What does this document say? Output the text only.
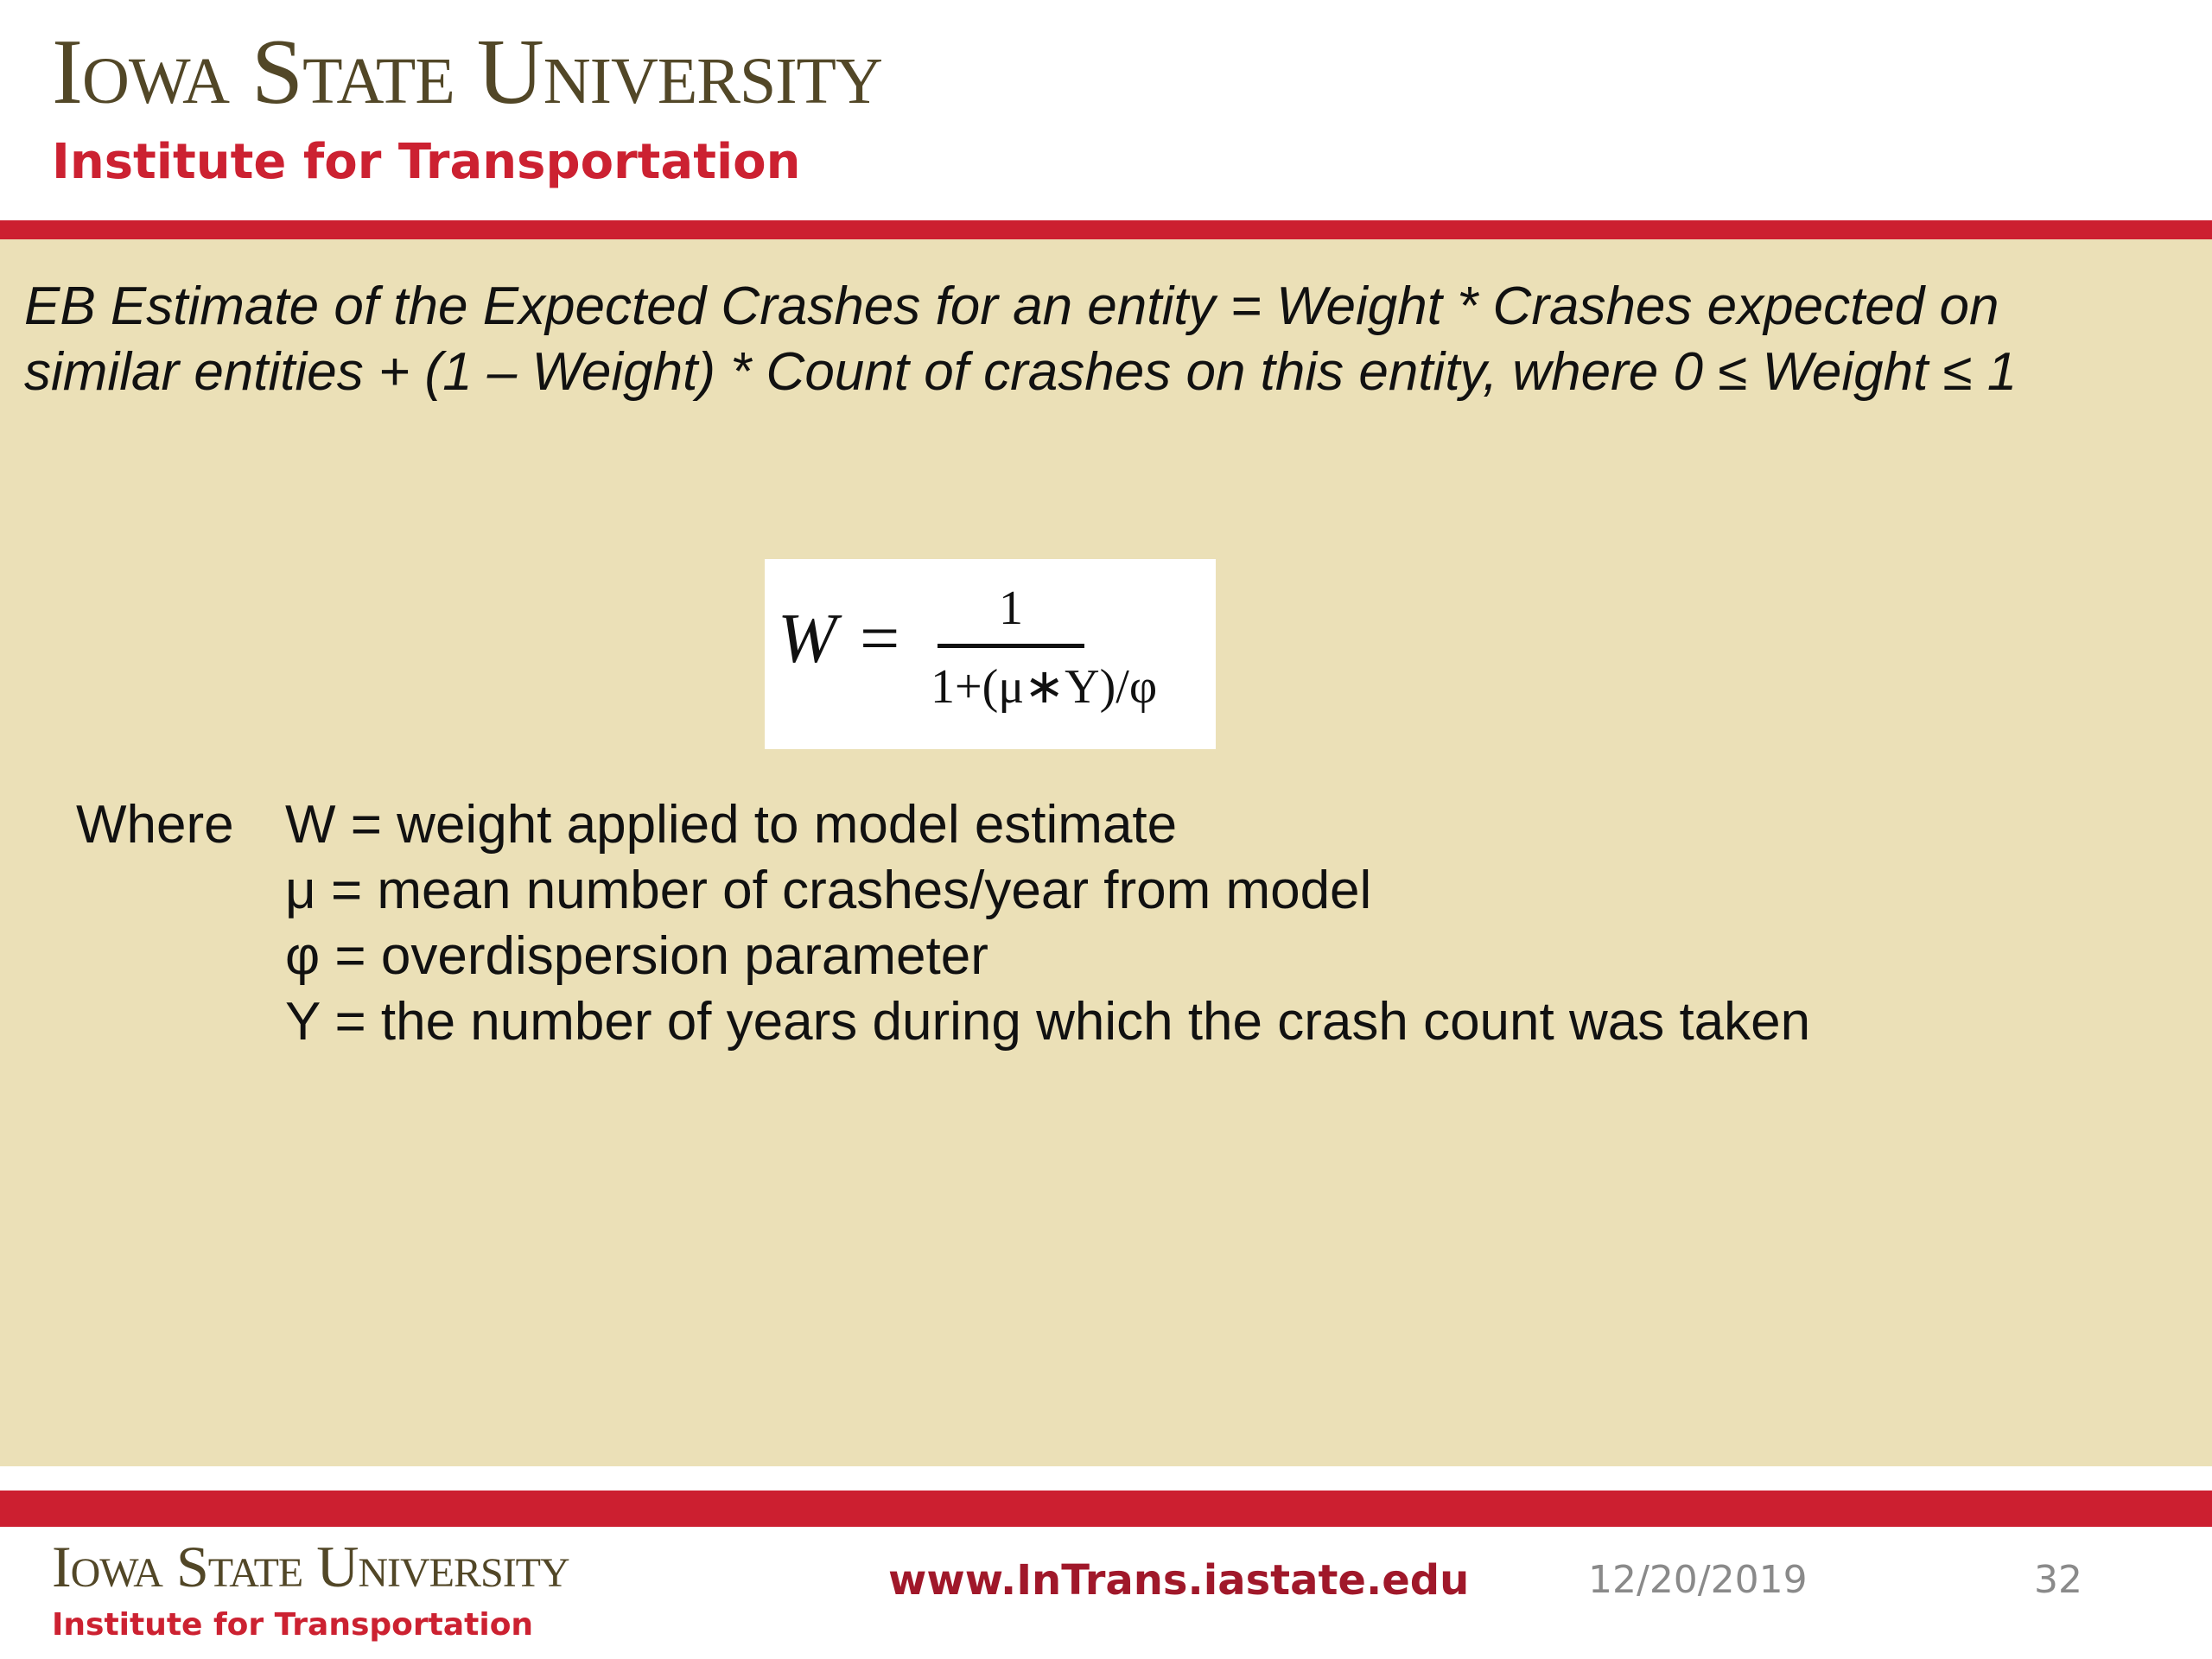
Iowa State University
Institute for Transportation

EB Estimate of the Expected Crashes for an entity = Weight * Crashes expected on similar entities + (1 – Weight) * Count of crashes on this entity, where 0 ≤ Weight ≤ 1

W =	1
1+(μ∗Y)/φ
Where W = weight applied to model estimate
μ = mean number of crashes/year from model
φ = overdispersion parameter
Y = the number of years during which the crash count was taken
Iowa State University
Institute for Transportation
www.InTrans.iastate.edu	12/20/2019	32
